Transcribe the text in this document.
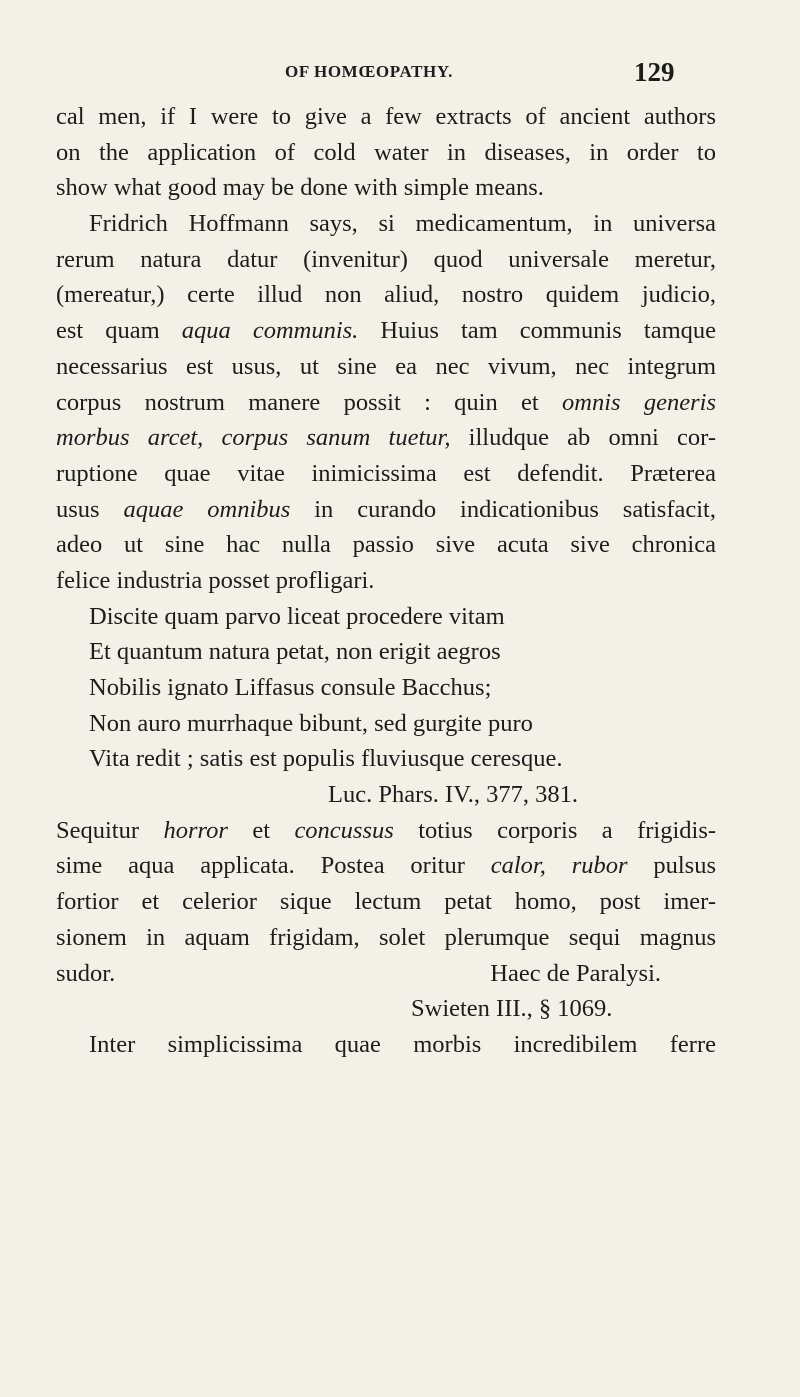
OF HOMŒOPATHY.	129
cal men, if I were to give a few extracts of ancient authors
on the application of cold water in diseases, in order to
show what good may be done with simple means.
Fridrich Hoffmann says, si medicamentum, in universa
rerum natura datur (invenitur) quod universale meretur,
(mereatur,) certe illud non aliud, nostro quidem judicio,
est quam aqua communis. Huius tam communis tamque
necessarius est usus, ut sine ea nec vivum, nec integrum
corpus nostrum manere possit : quin et omnis generis
morbus arcet, corpus sanum tuetur, illudque ab omni cor-
ruptione quae vitae inimicissima est defendit. Præterea
usus aquae omnibus in curando indicationibus satisfacit,
adeo ut sine hac nulla passio sive acuta sive chronica
felice industria posset profligari.
Discite quam parvo liceat procedere vitam
Et quantum natura petat, non erigit aegros
Nobilis ignato Liffasus consule Bacchus;
Non auro murrhaque bibunt, sed gurgite puro
Vita redit ; satis est populis fluviusque ceresque.
Luc. Phars. IV., 377, 381.
Sequitur horror et concussus totius corporis a frigidis-
sime aqua applicata. Postea oritur calor, rubor pulsus
fortior et celerior sique lectum petat homo, post imer-
sionem in aquam frigidam, solet plerumque sequi magnus
sudor.	Haec de Paralysi.
Swieten III., § 1069.
Inter simplicissima quae morbis incredibilem ferre
